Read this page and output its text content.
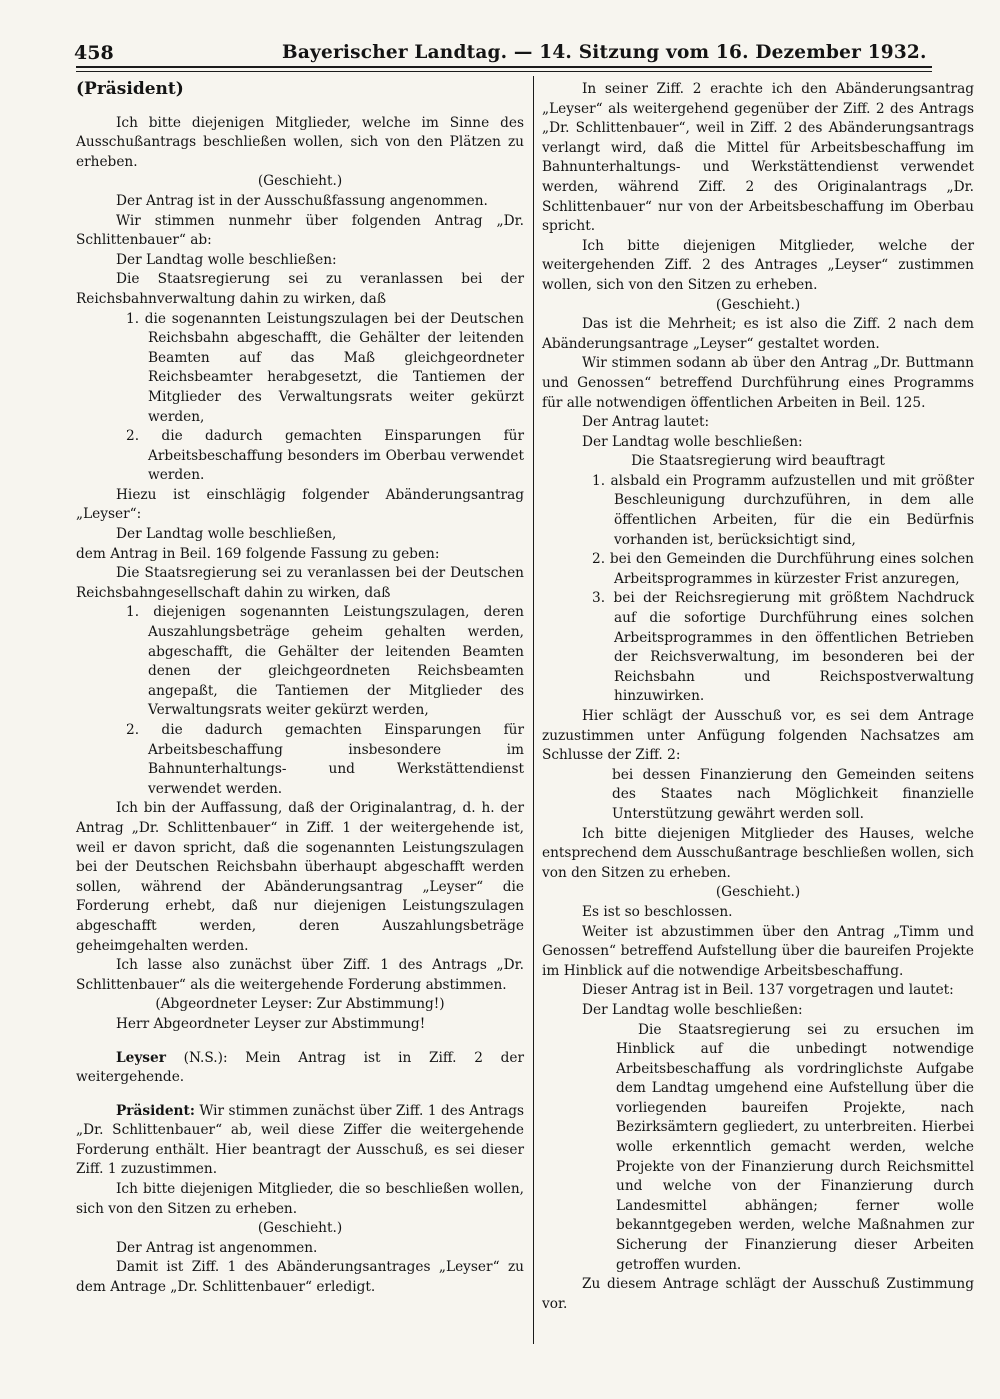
458	Bayerischer Landtag. — 14. Sitzung vom 16. Dezember 1932.
(Präsident)

Ich bitte diejenigen Mitglieder, welche im Sinne des Ausschußantrags beschließen wollen, sich von den Plätzen zu erheben.

(Geschieht.)

Der Antrag ist in der Ausschußfassung angenommen.

Wir stimmen nunmehr über folgenden Antrag „Dr. Schlittenbauer“ ab:

Der Landtag wolle beschließen:

Die Staatsregierung sei zu veranlassen bei der Reichsbahnverwaltung dahin zu wirken, daß

1. die sogenannten Leistungszulagen bei der Deutschen Reichsbahn abgeschafft, die Gehälter der leitenden Beamten auf das Maß gleichgeordneter Reichsbeamter herabgesetzt, die Tantiemen der Mitglieder des Verwaltungsrats weiter gekürzt werden,

2. die dadurch gemachten Einsparungen für Arbeitsbeschaffung besonders im Oberbau verwendet werden.

Hiezu ist einschlägig folgender Abänderungsantrag „Leyser“:

Der Landtag wolle beschließen,

dem Antrag in Beil. 169 folgende Fassung zu geben:

Die Staatsregierung sei zu veranlassen bei der Deutschen Reichsbahngesellschaft dahin zu wirken, daß

1. diejenigen sogenannten Leistungszulagen, deren Auszahlungsbeträge geheim gehalten werden, abgeschafft, die Gehälter der leitenden Beamten denen der gleichgeordneten Reichsbeamten angepaßt, die Tantiemen der Mitglieder des Verwaltungsrats weiter gekürzt werden,

2. die dadurch gemachten Einsparungen für Arbeitsbeschaffung insbesondere im Bahnunterhaltungs- und Werkstättendienst verwendet werden.

Ich bin der Auffassung, daß der Originalantrag, d. h. der Antrag „Dr. Schlittenbauer“ in Ziff. 1 der weitergehende ist, weil er davon spricht, daß die sogenannten Leistungszulagen bei der Deutschen Reichsbahn überhaupt abgeschafft werden sollen, während der Abänderungsantrag „Leyser“ die Forderung erhebt, daß nur diejenigen Leistungszulagen abgeschafft werden, deren Auszahlungsbeträge geheimgehalten werden.

Ich lasse also zunächst über Ziff. 1 des Antrags „Dr. Schlittenbauer“ als die weitergehende Forderung abstimmen.

(Abgeordneter Leyser: Zur Abstimmung!)

Herr Abgeordneter Leyser zur Abstimmung!

Leyser (N.S.): Mein Antrag ist in Ziff. 2 der weitergehende.

Präsident: Wir stimmen zunächst über Ziff. 1 des Antrags „Dr. Schlittenbauer“ ab, weil diese Ziffer die weitergehende Forderung enthält. Hier beantragt der Ausschuß, es sei dieser Ziff. 1 zuzustimmen.

Ich bitte diejenigen Mitglieder, die so beschließen wollen, sich von den Sitzen zu erheben.

(Geschieht.)

Der Antrag ist angenommen.

Damit ist Ziff. 1 des Abänderungsantrages „Leyser“ zu dem Antrage „Dr. Schlittenbauer“ erledigt.

In seiner Ziff. 2 erachte ich den Abänderungsantrag „Leyser“ als weitergehend gegenüber der Ziff. 2 des Antrags „Dr. Schlittenbauer“, weil in Ziff. 2 des Abänderungsantrags verlangt wird, daß die Mittel für Arbeitsbeschaffung im Bahnunterhaltungs- und Werkstättendienst verwendet werden, während Ziff. 2 des Originalantrags „Dr. Schlittenbauer“ nur von der Arbeitsbeschaffung im Oberbau spricht.

Ich bitte diejenigen Mitglieder, welche der weitergehenden Ziff. 2 des Antrages „Leyser“ zustimmen wollen, sich von den Sitzen zu erheben.

(Geschieht.)

Das ist die Mehrheit; es ist also die Ziff. 2 nach dem Abänderungsantrage „Leyser“ gestaltet worden.

Wir stimmen sodann ab über den Antrag „Dr. Buttmann und Genossen“ betreffend Durchführung eines Programms für alle notwendigen öffentlichen Arbeiten in Beil. 125.

Der Antrag lautet:

Der Landtag wolle beschließen:

Die Staatsregierung wird beauftragt

1. alsbald ein Programm aufzustellen und mit größter Beschleunigung durchzuführen, in dem alle öffentlichen Arbeiten, für die ein Bedürfnis vorhanden ist, berücksichtigt sind,

2. bei den Gemeinden die Durchführung eines solchen Arbeitsprogrammes in kürzester Frist anzuregen,

3. bei der Reichsregierung mit größtem Nachdruck auf die sofortige Durchführung eines solchen Arbeitsprogrammes in den öffentlichen Betrieben der Reichsverwaltung, im besonderen bei der Reichsbahn und Reichspostverwaltung hinzuwirken.

Hier schlägt der Ausschuß vor, es sei dem Antrage zuzustimmen unter Anfügung folgenden Nachsatzes am Schlusse der Ziff. 2:

bei dessen Finanzierung den Gemeinden seitens des Staates nach Möglichkeit finanzielle Unterstützung gewährt werden soll.

Ich bitte diejenigen Mitglieder des Hauses, welche entsprechend dem Ausschußantrage beschließen wollen, sich von den Sitzen zu erheben.

(Geschieht.)

Es ist so beschlossen.

Weiter ist abzustimmen über den Antrag „Timm und Genossen“ betreffend Aufstellung über die baureifen Projekte im Hinblick auf die notwendige Arbeitsbeschaffung.

Dieser Antrag ist in Beil. 137 vorgetragen und lautet:

Der Landtag wolle beschließen:

Die Staatsregierung sei zu ersuchen im Hinblick auf die unbedingt notwendige Arbeitsbeschaffung als vordringlichste Aufgabe dem Landtag umgehend eine Aufstellung über die vorliegenden baureifen Projekte, nach Bezirksämtern gegliedert, zu unterbreiten. Hierbei wolle erkenntlich gemacht werden, welche Projekte von der Finanzierung durch Reichsmittel und welche von der Finanzierung durch Landesmittel abhängen; ferner wolle bekanntgegeben werden, welche Maßnahmen zur Sicherung der Finanzierung dieser Arbeiten getroffen wurden.

Zu diesem Antrage schlägt der Ausschuß Zustimmung vor.
